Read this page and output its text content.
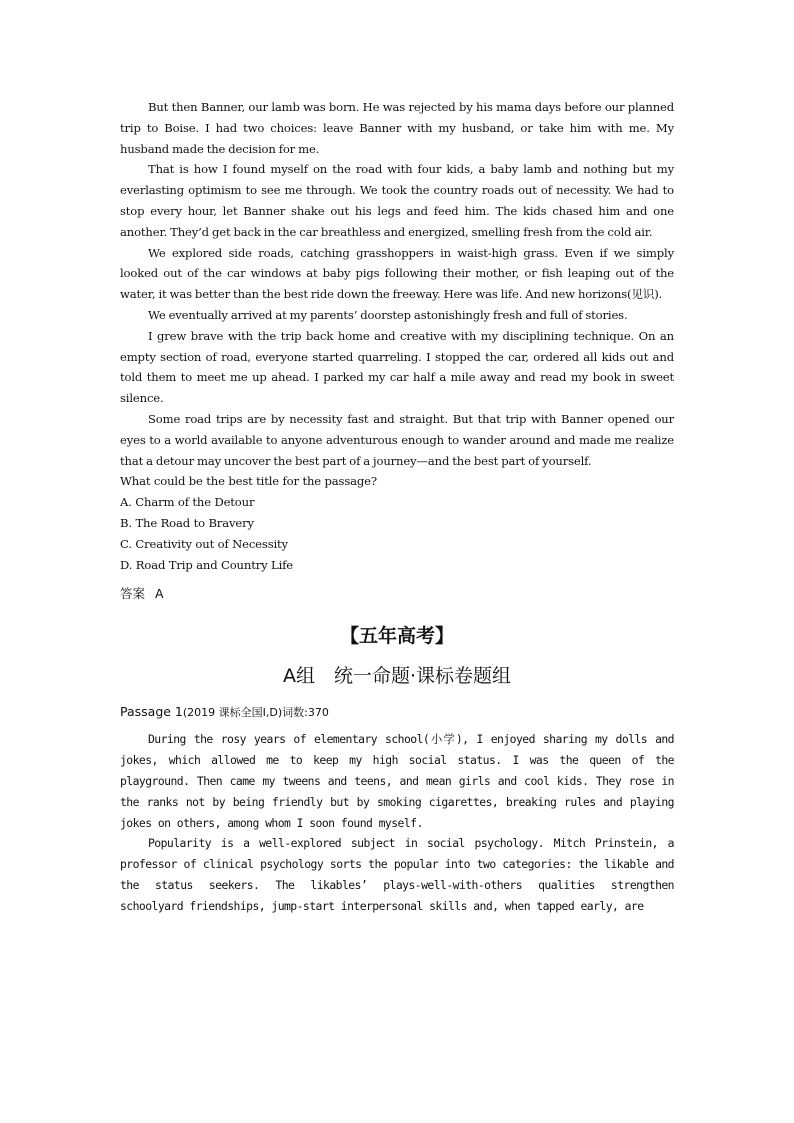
But then Banner, our lamb was born. He was rejected by his mama days before our planned trip to Boise. I had two choices: leave Banner with my husband, or take him with me. My husband made the decision for me.

That is how I found myself on the road with four kids, a baby lamb and nothing but my everlasting optimism to see me through. We took the country roads out of necessity. We had to stop every hour, let Banner shake out his legs and feed him. The kids chased him and one another. They’d get back in the car breathless and energized, smelling fresh from the cold air.

We explored side roads, catching grasshoppers in waist-high grass. Even if we simply looked out of the car windows at baby pigs following their mother, or fish leaping out of the water, it was better than the best ride down the freeway. Here was life. And new horizons(见识).

We eventually arrived at my parents’ doorstep astonishingly fresh and full of stories.

I grew brave with the trip back home and creative with my disciplining technique. On an empty section of road, everyone started quarreling. I stopped the car, ordered all kids out and told them to meet me up ahead. I parked my car half a mile away and read my book in sweet silence.

Some road trips are by necessity fast and straight. But that trip with Banner opened our eyes to a world available to anyone adventurous enough to wander around and made me realize that a detour may uncover the best part of a journey—and the best part of yourself.

What could be the best title for the passage?

A. Charm of the Detour

B. The Road to Bravery

C. Creativity out of Necessity

D. Road Trip and Country Life

答案 A

【五年高考】
A组　统一命题·课标卷题组
Passage 1(2019 课标全国Ⅰ,D)词数:370

During the rosy years of elementary school(小学), I enjoyed sharing my dolls and jokes, which allowed me to keep my high social status. I was the queen of the playground. Then came my tweens and teens, and mean girls and cool kids. They rose in the ranks not by being friendly but by smoking cigarettes, breaking rules and playing jokes on others, among whom I soon found myself.

Popularity is a well-explored subject in social psychology. Mitch Prinstein, a professor of clinical psychology sorts the popular into two categories: the likable and the status seekers. The likables’ plays-well-with-others qualities strengthen schoolyard friendships, jump-start interpersonal skills and, when tapped early, are
